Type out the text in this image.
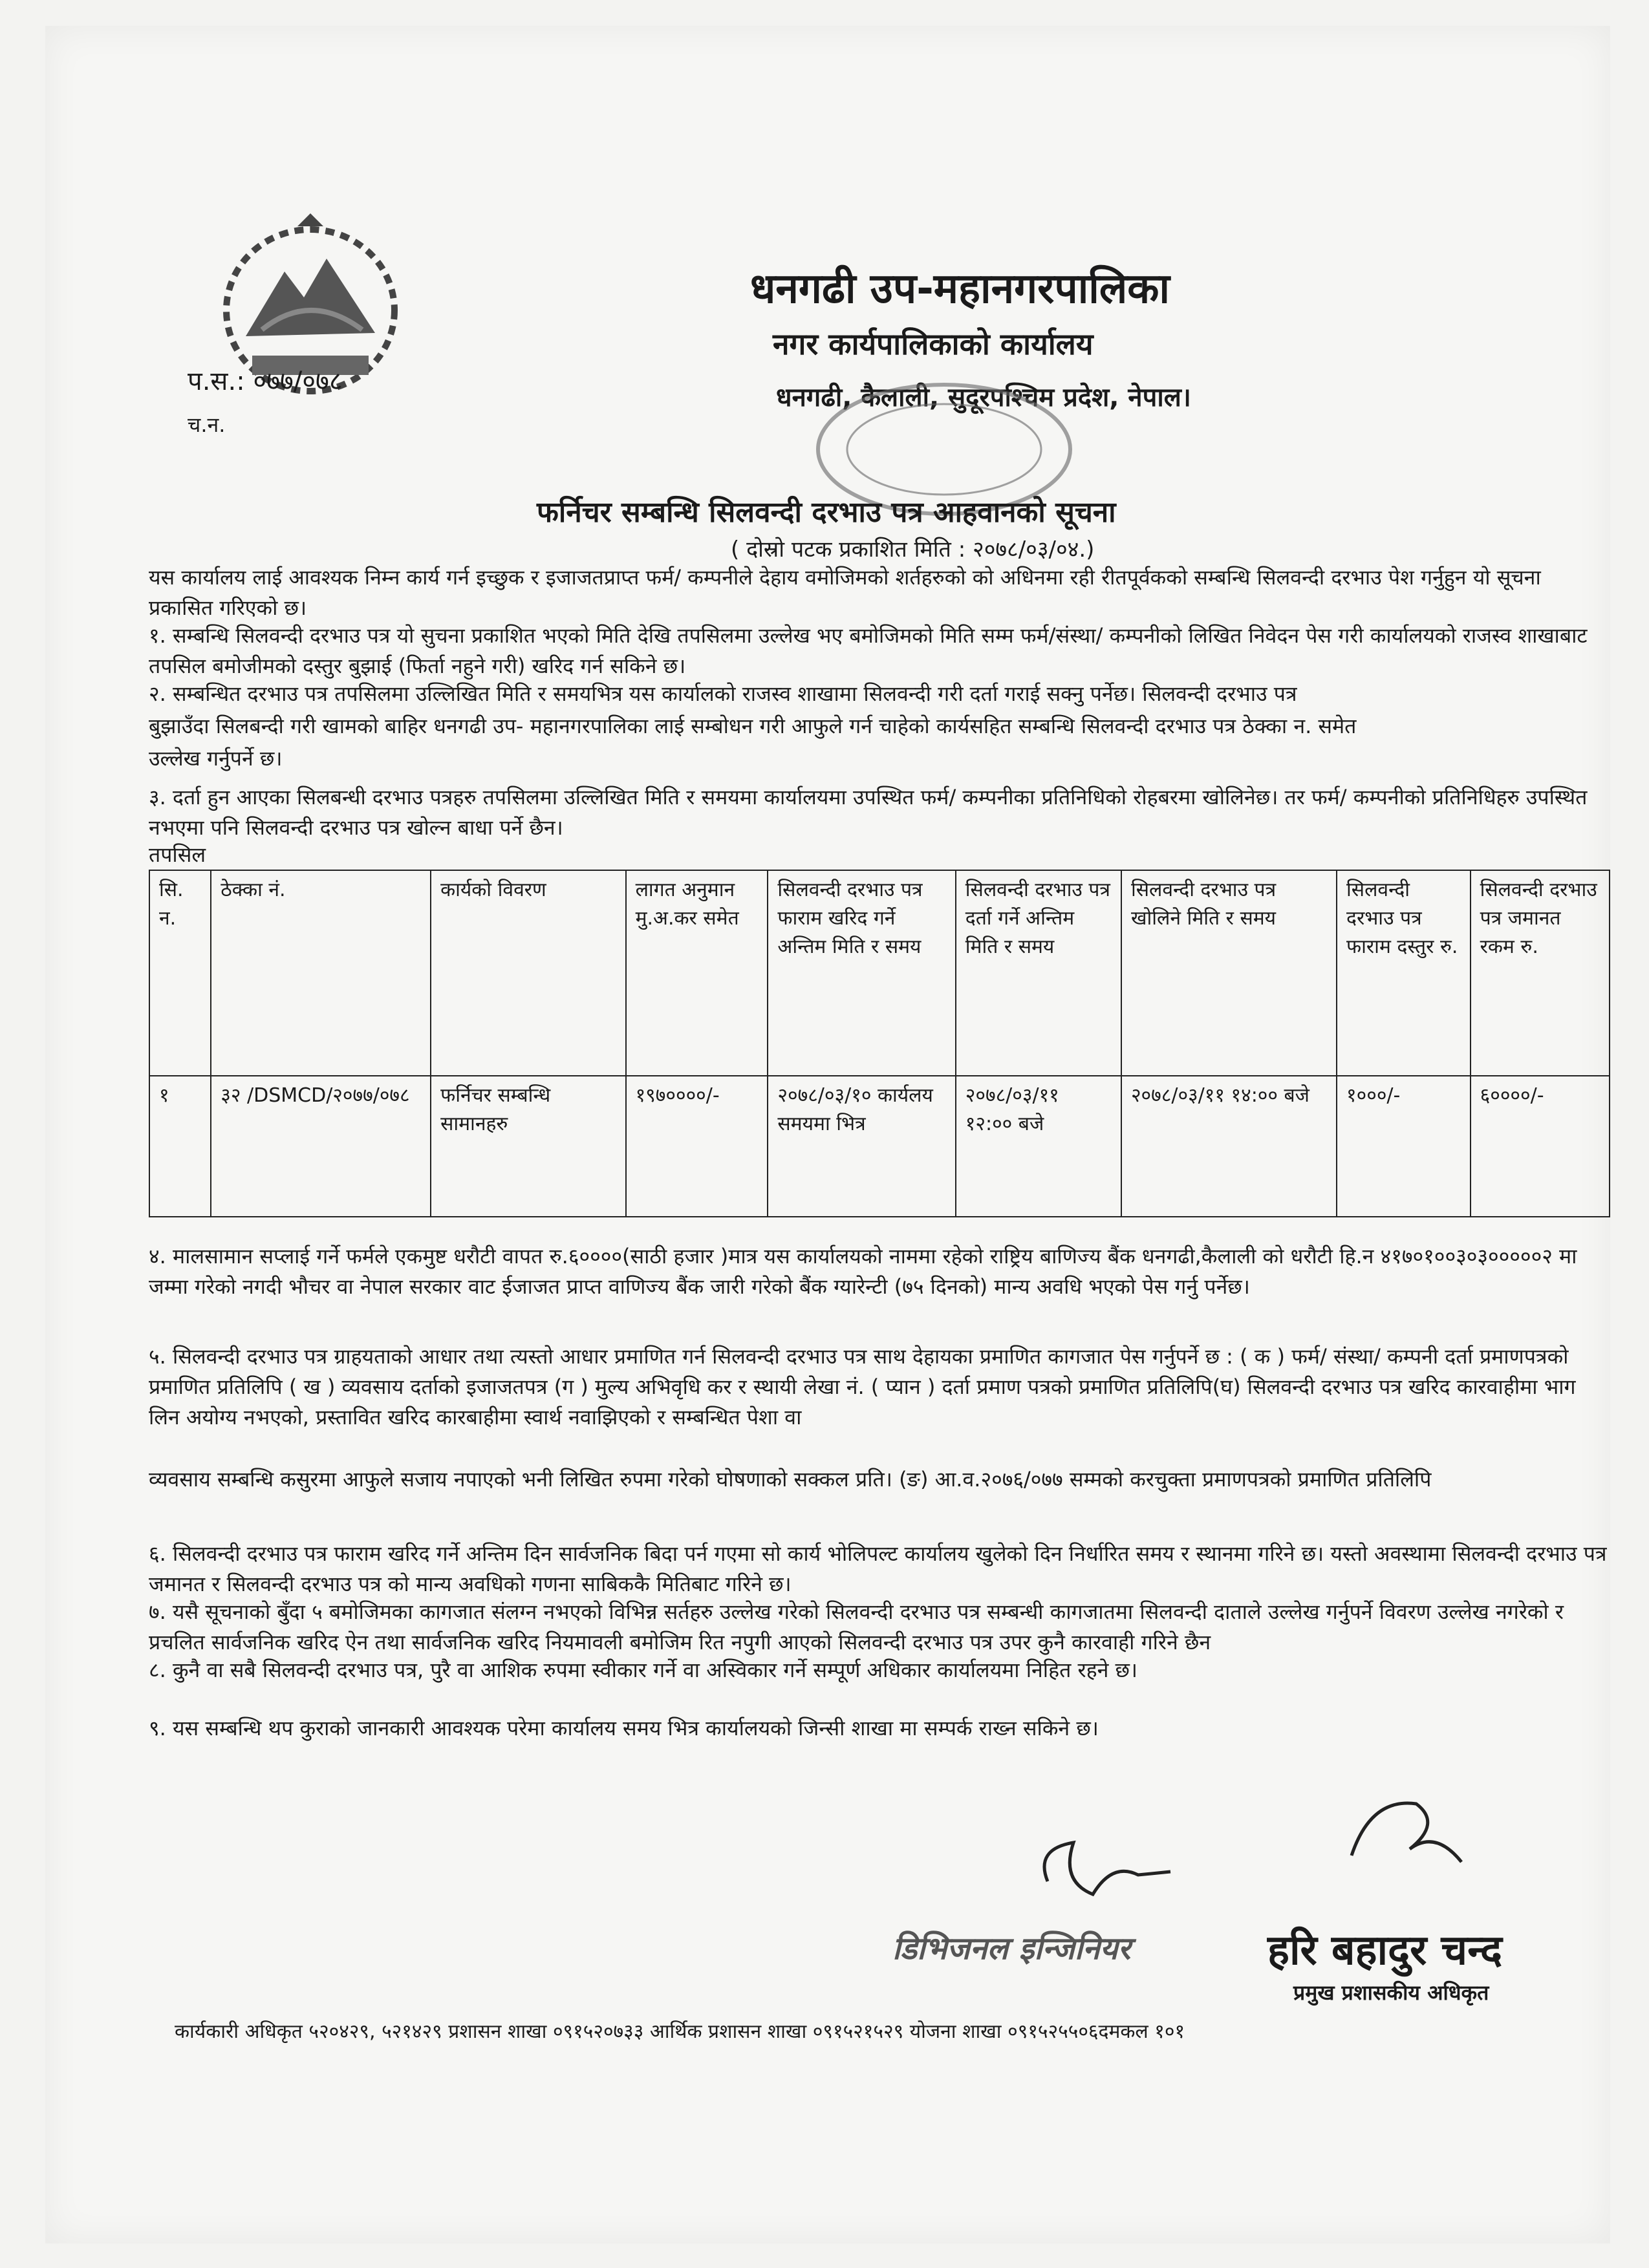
प.स.: ०७७/०७८
च.न.
धनगढी उप-महानगरपालिका
नगर कार्यपालिकाको कार्यालय
धनगढी, कैलाली, सुदूरपश्चिम प्रदेश, नेपाल।
फर्निचर सम्बन्धि सिलवन्दी दरभाउ पत्र आहवानको सूचना
( दोस्रो पटक प्रकाशित मिति : २०७८/०३/०४.)
यस कार्यालय लाई आवश्यक निम्न कार्य गर्न इच्छुक र इजाजतप्राप्त फर्म/ कम्पनीले देहाय वमोजिमको शर्तहरुको को अधिनमा रही रीतपूर्वकको सम्बन्धि सिलवन्दी दरभाउ पेश गर्नुहुन यो सूचना प्रकासित गरिएको छ।
१. सम्बन्धि सिलवन्दी दरभाउ पत्र यो सुचना प्रकाशित भएको मिति देखि तपसिलमा उल्लेख भए बमोजिमको मिति सम्म फर्म/संस्था/ कम्पनीको लिखित निवेदन पेस गरी कार्यालयको राजस्व शाखाबाट तपसिल बमोजीमको दस्तुर बुझाई (फिर्ता नहुने गरी) खरिद गर्न सकिने छ।
२. सम्बन्धित दरभाउ पत्र तपसिलमा उल्लिखित मिति र समयभित्र यस कार्यालको राजस्व शाखामा सिलवन्दी गरी दर्ता गराई सक्नु पर्नेछ। सिलवन्दी दरभाउ पत्र
बुझाउँदा सिलबन्दी गरी खामको बाहिर धनगढी उप- महानगरपालिका लाई सम्बोधन गरी आफुले गर्न चाहेको कार्यसहित सम्बन्धि सिलवन्दी दरभाउ पत्र ठेक्का न. समेत
उल्लेख गर्नुपर्ने छ।
३. दर्ता हुन आएका सिलबन्धी दरभाउ पत्रहरु तपसिलमा उल्लिखित मिति र समयमा कार्यालयमा उपस्थित फर्म/ कम्पनीका प्रतिनिधिको रोहबरमा खोलिनेछ। तर फर्म/ कम्पनीको प्रतिनिधिहरु उपस्थित नभएमा पनि सिलवन्दी दरभाउ पत्र खोल्न बाधा पर्ने छैन।
तपसिल
सि. न.	ठेक्का नं.	कार्यको विवरण	लागत अनुमान मु.अ.कर समेत	सिलवन्दी दरभाउ पत्र फाराम खरिद गर्ने अन्तिम मिति र समय	सिलवन्दी दरभाउ पत्र दर्ता गर्ने अन्तिम मिति र समय	सिलवन्दी दरभाउ पत्र खोलिने मिति र समय	सिलवन्दी दरभाउ पत्र फाराम दस्तुर रु.	सिलवन्दी दरभाउ पत्र जमानत रकम रु.
१	३२ /DSMCD/२०७७/०७८	फर्निचर सम्बन्धि सामानहरु	१९७००००/-	२०७८/०३/१० कार्यलय समयमा भित्र	२०७८/०३/११ १२:०० बजे	२०७८/०३/११ १४:०० बजे	१०००/-	६००००/-
४. मालसामान सप्लाई गर्ने फर्मले एकमुष्ट धरौटी वापत रु.६००००(साठी हजार )मात्र यस कार्यालयको नाममा रहेको राष्ट्रिय बाणिज्य बैंक धनगढी,कैलाली को धरौटी हि.न ४१७०१००३०३०००००२ मा जम्मा गरेको नगदी भौचर वा नेपाल सरकार वाट ईजाजत प्राप्त वाणिज्य बैंक जारी गरेको बैंक ग्यारेन्टी (७५ दिनको) मान्य अवधि भएको पेस गर्नु पर्नेछ।
५. सिलवन्दी दरभाउ पत्र ग्राहयताको आधार तथा त्यस्तो आधार प्रमाणित गर्न सिलवन्दी दरभाउ पत्र साथ देहायका प्रमाणित कागजात पेस गर्नुपर्ने छ : ( क ) फर्म/ संस्था/ कम्पनी दर्ता प्रमाणपत्रको प्रमाणित प्रतिलिपि ( ख ) व्यवसाय दर्ताको इजाजतपत्र (ग ) मुल्य अभिवृधि कर र स्थायी लेखा नं. ( प्यान ) दर्ता प्रमाण पत्रको प्रमाणित प्रतिलिपि(घ) सिलवन्दी दरभाउ पत्र खरिद कारवाहीमा भाग लिन अयोग्य नभएको, प्रस्तावित खरिद कारबाहीमा स्वार्थ नवाझिएको र सम्बन्धित पेशा वा
व्यवसाय सम्बन्धि कसुरमा आफुले सजाय नपाएको भनी लिखित रुपमा गरेको घोषणाको सक्कल प्रति। (ङ) आ.व.२०७६/०७७ सम्मको करचुक्ता प्रमाणपत्रको प्रमाणित प्रतिलिपि
६. सिलवन्दी दरभाउ पत्र फाराम खरिद गर्ने अन्तिम दिन सार्वजनिक बिदा पर्न गएमा सो कार्य भोलिपल्ट कार्यालय खुलेको दिन निर्धारित समय र स्थानमा गरिने छ। यस्तो अवस्थामा सिलवन्दी दरभाउ पत्र जमानत र सिलवन्दी दरभाउ पत्र को मान्य अवधिको गणना साबिककै मितिबाट गरिने छ।
७. यसै सूचनाको बुँदा ५ बमोजिमका कागजात संलग्न नभएको विभिन्न सर्तहरु उल्लेख गरेको सिलवन्दी दरभाउ पत्र सम्बन्धी कागजातमा सिलवन्दी दाताले उल्लेख गर्नुपर्ने विवरण उल्लेख नगरेको र प्रचलित सार्वजनिक खरिद ऐन तथा सार्वजनिक खरिद नियमावली बमोजिम रित नपुगी आएको सिलवन्दी दरभाउ पत्र उपर कुनै कारवाही गरिने छैन
८. कुनै वा सबै सिलवन्दी दरभाउ पत्र, पुरै वा आशिक रुपमा स्वीकार गर्ने वा अस्विकार गर्ने सम्पूर्ण अधिकार कार्यालयमा निहित रहने छ।
९. यस सम्बन्धि थप कुराको जानकारी आवश्यक परेमा कार्यालय समय भित्र कार्यालयको जिन्सी शाखा मा सम्पर्क राख्न सकिने छ।
डिभिजनल इन्जिनियर	हरि बहादुर चन्द
प्रमुख प्रशासकीय अधिकृत
कार्यकारी अधिकृत ५२०४२९, ५२१४२९ प्रशासन शाखा ०९१५२०७३३ आर्थिक प्रशासन शाखा ०९१५२१५२९ योजना शाखा ०९१५२५५०६दमकल १०१
